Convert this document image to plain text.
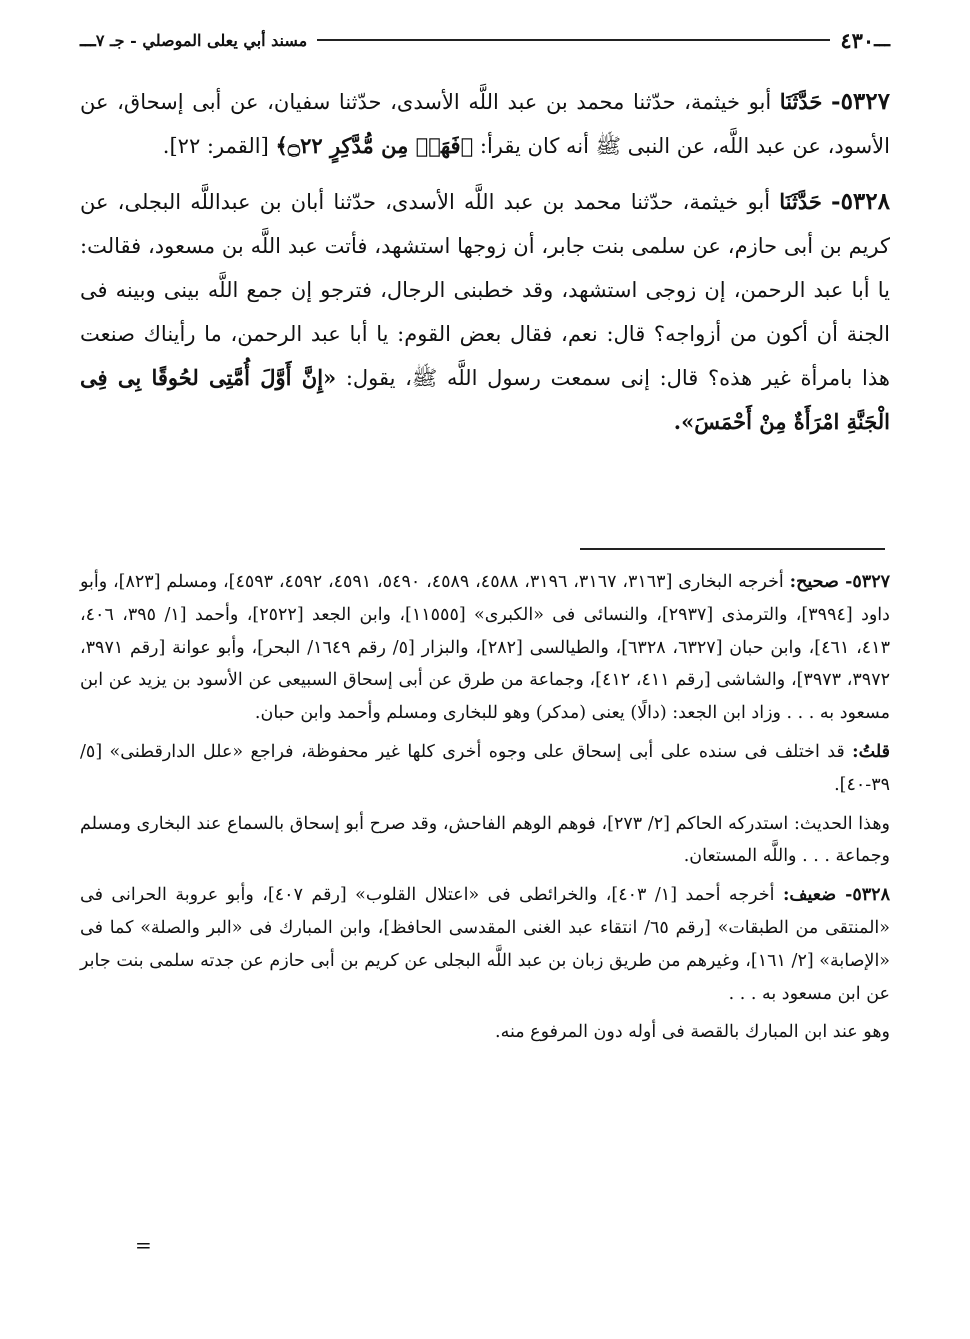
ـــ
٤٣٠
مسند أبي يعلى الموصلي - جـ ٧
ـــ

٥٣٢٧- حَدَّثَنَا أبو خيثمة، حدّثنا محمد بن عبد اللَّه الأسدى، حدّثنا سفيان، عن أبى إسحاق، عن الأسود، عن عبد اللَّه، عن النبى ﷺ أنه كان يقرأ: ﴿فَهَلۡ مِن مُّدَّكِرٍ ۝٢٢﴾ [القمر: ٢٢].

٥٣٢٨- حَدَّثَنَا أبو خيثمة، حدّثنا محمد بن عبد اللَّه الأسدى، حدّثنا أبان بن عبداللَّه البجلى، عن كريم بن أبى حازم، عن سلمى بنت جابر، أن زوجها استشهد، فأتت عبد اللَّه بن مسعود، فقالت: يا أبا عبد الرحمن، إن زوجى استشهد، وقد خطبنى الرجال، فترجو إن جمع اللَّه بينى وبينه فى الجنة أن أكون من أزواجه؟ قال: نعم، فقال بعض القوم: يا أبا عبد الرحمن، ما رأيناك صنعت هذا بامرأة غير هذه؟ قال: إنى سمعت رسول اللَّه ﷺ، يقول: «إِنَّ أَوَّلَ أُمَّتِى لحُوقًا بِى فِى الْجَنَّةِ امْرَأَةٌ مِنْ أَحْمَسَ».

٥٣٢٧- صحيح: أخرجه البخارى [٣١٦٣، ٣١٦٧، ٣١٩٦، ٤٥٨٨، ٤٥٨٩، ٥٤٩٠، ٤٥٩١، ٤٥٩٢، ٤٥٩٣]، ومسلم [٨٢٣]، وأبو داود [٣٩٩٤]، والترمذى [٢٩٣٧]، والنسائى فى «الكبرى» [١١٥٥٥]، وابن الجعد [٢٥٢٢]، وأحمد [١/ ٣٩٥، ٤٠٦، ٤١٣، ٤٦١]، وابن حبان [٦٣٢٧، ٦٣٢٨]، والطيالسى [٢٨٢]، والبزار [٥/ رقم ١٦٤٩/ البحر]، وأبو عوانة [رقم ٣٩٧١، ٣٩٧٢، ٣٩٧٣]، والشاشى [رقم ٤١١، ٤١٢]، وجماعة من طرق عن أبى إسحاق السبيعى عن الأسود بن يزيد عن ابن مسعود به . . . وزاد ابن الجعد: (دالًا) يعنى (مدكر) وهو للبخارى ومسلم وأحمد وابن حبان.

قلتُ: قد اختلف فى سنده على أبى إسحاق على وجوه أخرى كلها غير محفوظة، فراجع «علل الدارقطنى» [٥/ ٣٩-٤٠].

وهذا الحديث: استدركه الحاكم [٢/ ٢٧٣]، فوهم الوهم الفاحش، وقد صرح أبو إسحاق بالسماع عند البخارى ومسلم وجماعة . . . واللَّه المستعان.

٥٣٢٨- ضعيف: أخرجه أحمد [١/ ٤٠٣]، والخرائطى فى «اعتلال القلوب» [رقم ٤٠٧]، وأبو عروبة الحرانى فى «المنتقى من الطبقات» [رقم ٦٥/ انتقاء عبد الغنى المقدسى الحافظ]، وابن المبارك فى «البر والصلة» كما فى «الإصابة» [٢/ ١٦١]، وغيرهم من طريق زبان بن عبد اللَّه البجلى عن كريم بن أبى حازم عن جدته سلمى بنت جابر عن ابن مسعود به . . .

وهو عند ابن المبارك بالقصة فى أوله دون المرفوع منه.

=
